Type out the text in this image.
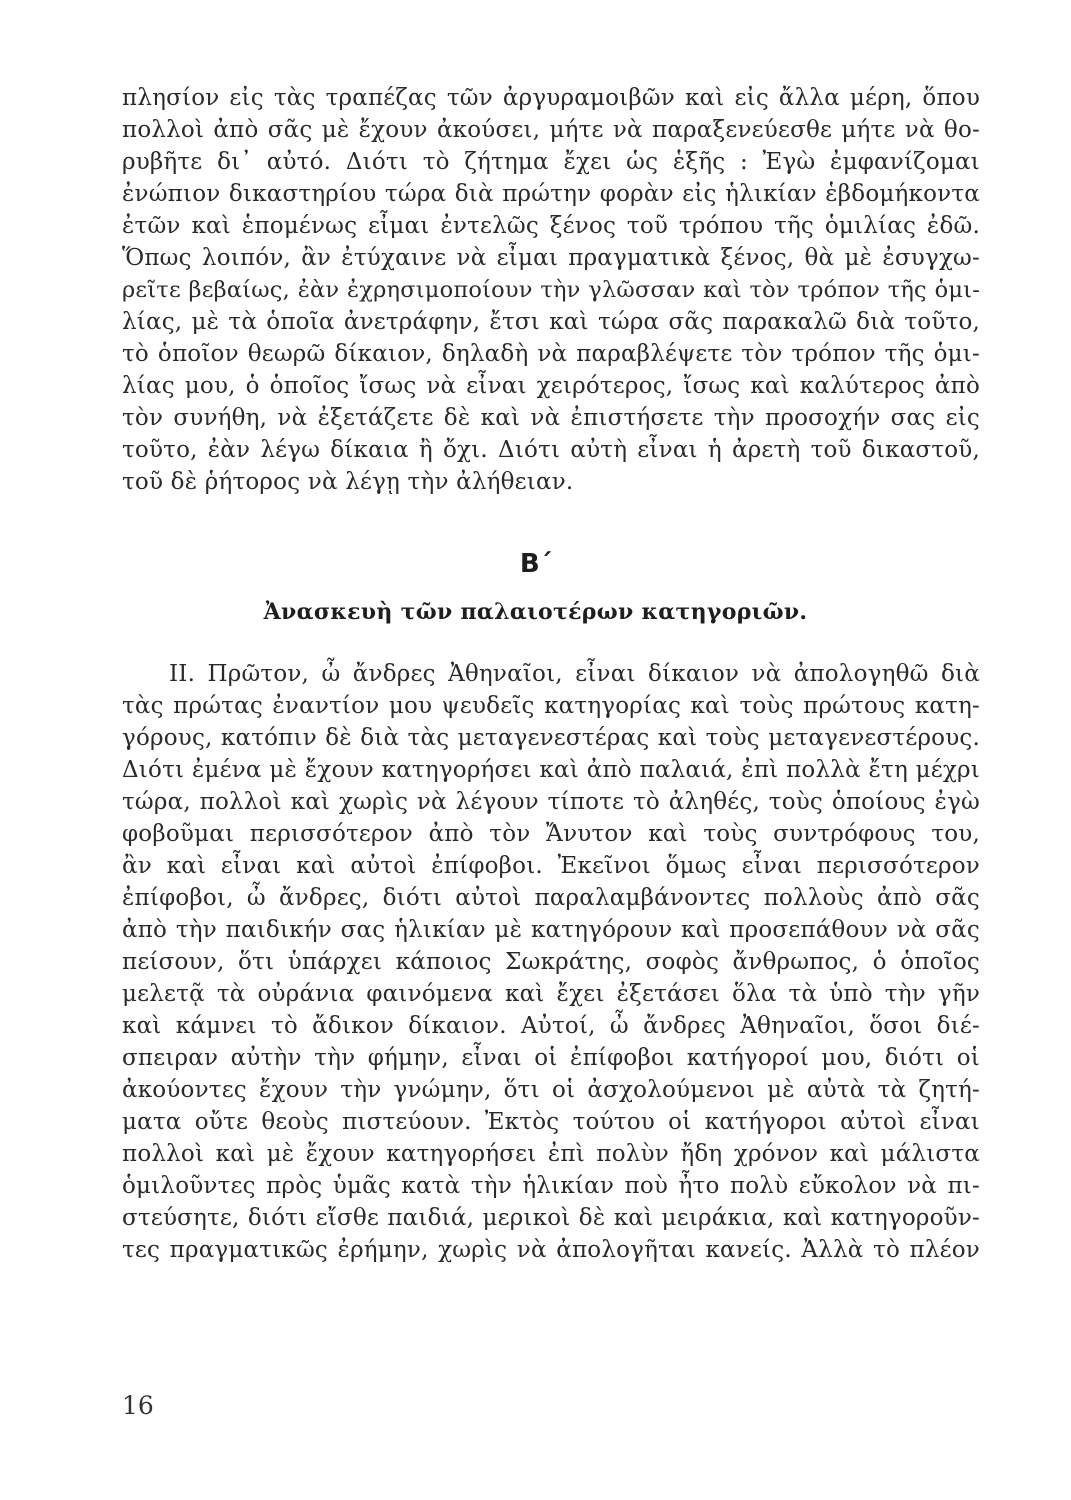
πλησίον εἰς τὰς τραπέζας τῶν ἀργυραμοιβῶν καὶ εἰς ἄλλα μέρη, ὅπου
πολλοὶ ἀπὸ σᾶς μὲ ἔχουν ἀκούσει, μήτε νὰ παραξενεύεσθε μήτε νὰ θο-
ρυβῆτε δι᾽ αὐτό. Διότι τὸ ζήτημα ἔχει ὡς ἑξῆς : Ἐγὼ ἐμφανίζομαι
ἐνώπιον δικαστηρίου τώρα διὰ πρώτην φορὰν εἰς ἡλικίαν ἑβδομήκοντα
ἐτῶν καὶ ἑπομένως εἶμαι ἐντελῶς ξένος τοῦ τρόπου τῆς ὁμιλίας ἐδῶ.
Ὅπως λοιπόν, ἂν ἐτύχαινε νὰ εἶμαι πραγματικὰ ξένος, θὰ μὲ ἐσυγχω-
ρεῖτε βεβαίως, ἐὰν ἐχρησιμοποίουν τὴν γλῶσσαν καὶ τὸν τρόπον τῆς ὁμι-
λίας, μὲ τὰ ὁποῖα ἀνετράφην, ἔτσι καὶ τώρα σᾶς παρακαλῶ διὰ τοῦτο,
τὸ ὁποῖον θεωρῶ δίκαιον, δηλαδὴ νὰ παραβλέψετε τὸν τρόπον τῆς ὁμι-
λίας μου, ὁ ὁποῖος ἴσως νὰ εἶναι χειρότερος, ἴσως καὶ καλύτερος ἀπὸ
τὸν συνήθη, νὰ ἐξετάζετε δὲ καὶ νὰ ἐπιστήσετε τὴν προσοχήν σας εἰς
τοῦτο, ἐὰν λέγω δίκαια ἢ ὄχι. Διότι αὐτὴ εἶναι ἡ ἀρετὴ τοῦ δικαστοῦ,
τοῦ δὲ ῥήτορος νὰ λέγῃ τὴν ἀλήθειαν.
B΄
Ἀνασκευὴ τῶν παλαιοτέρων κατηγοριῶν.
II. Πρῶτον, ὦ ἄνδρες Ἀθηναῖοι, εἶναι δίκαιον νὰ ἀπολογηθῶ διὰ
τὰς πρώτας ἐναντίον μου ψευδεῖς κατηγορίας καὶ τοὺς πρώτους κατη-
γόρους, κατόπιν δὲ διὰ τὰς μεταγενεστέρας καὶ τοὺς μεταγενεστέρους.
Διότι ἐμένα μὲ ἔχουν κατηγορήσει καὶ ἀπὸ παλαιά, ἐπὶ πολλὰ ἔτη μέχρι
τώρα, πολλοὶ καὶ χωρὶς νὰ λέγουν τίποτε τὸ ἀληθές, τοὺς ὁποίους ἐγὼ
φοβοῦμαι περισσότερον ἀπὸ τὸν Ἄνυτον καὶ τοὺς συντρόφους του,
ἂν καὶ εἶναι καὶ αὐτοὶ ἐπίφοβοι. Ἐκεῖνοι ὅμως εἶναι περισσότερον
ἐπίφοβοι, ὦ ἄνδρες, διότι αὐτοὶ παραλαμβάνοντες πολλοὺς ἀπὸ σᾶς
ἀπὸ τὴν παιδικήν σας ἡλικίαν μὲ κατηγόρουν καὶ προσεπάθουν νὰ σᾶς
πείσουν, ὅτι ὑπάρχει κάποιος Σωκράτης, σοφὸς ἄνθρωπος, ὁ ὁποῖος
μελετᾷ τὰ οὐράνια φαινόμενα καὶ ἔχει ἐξετάσει ὅλα τὰ ὑπὸ τὴν γῆν
καὶ κάμνει τὸ ἄδικον δίκαιον. Αὐτοί, ὦ ἄνδρες Ἀθηναῖοι, ὅσοι διέ-
σπειραν αὐτὴν τὴν φήμην, εἶναι οἱ ἐπίφοβοι κατήγοροί μου, διότι οἱ
ἀκούοντες ἔχουν τὴν γνώμην, ὅτι οἱ ἀσχολούμενοι μὲ αὐτὰ τὰ ζητή-
ματα οὔτε θεοὺς πιστεύουν. Ἐκτὸς τούτου οἱ κατήγοροι αὐτοὶ εἶναι
πολλοὶ καὶ μὲ ἔχουν κατηγορήσει ἐπὶ πολὺν ἤδη χρόνον καὶ μάλιστα
ὁμιλοῦντες πρὸς ὑμᾶς κατὰ τὴν ἡλικίαν ποὺ ἦτο πολὺ εὔκολον νὰ πι-
στεύσητε, διότι εἴσθε παιδιά, μερικοὶ δὲ καὶ μειράκια, καὶ κατηγοροῦν-
τες πραγματικῶς ἐρήμην, χωρὶς νὰ ἀπολογῆται κανείς. Ἀλλὰ τὸ πλέον
16
